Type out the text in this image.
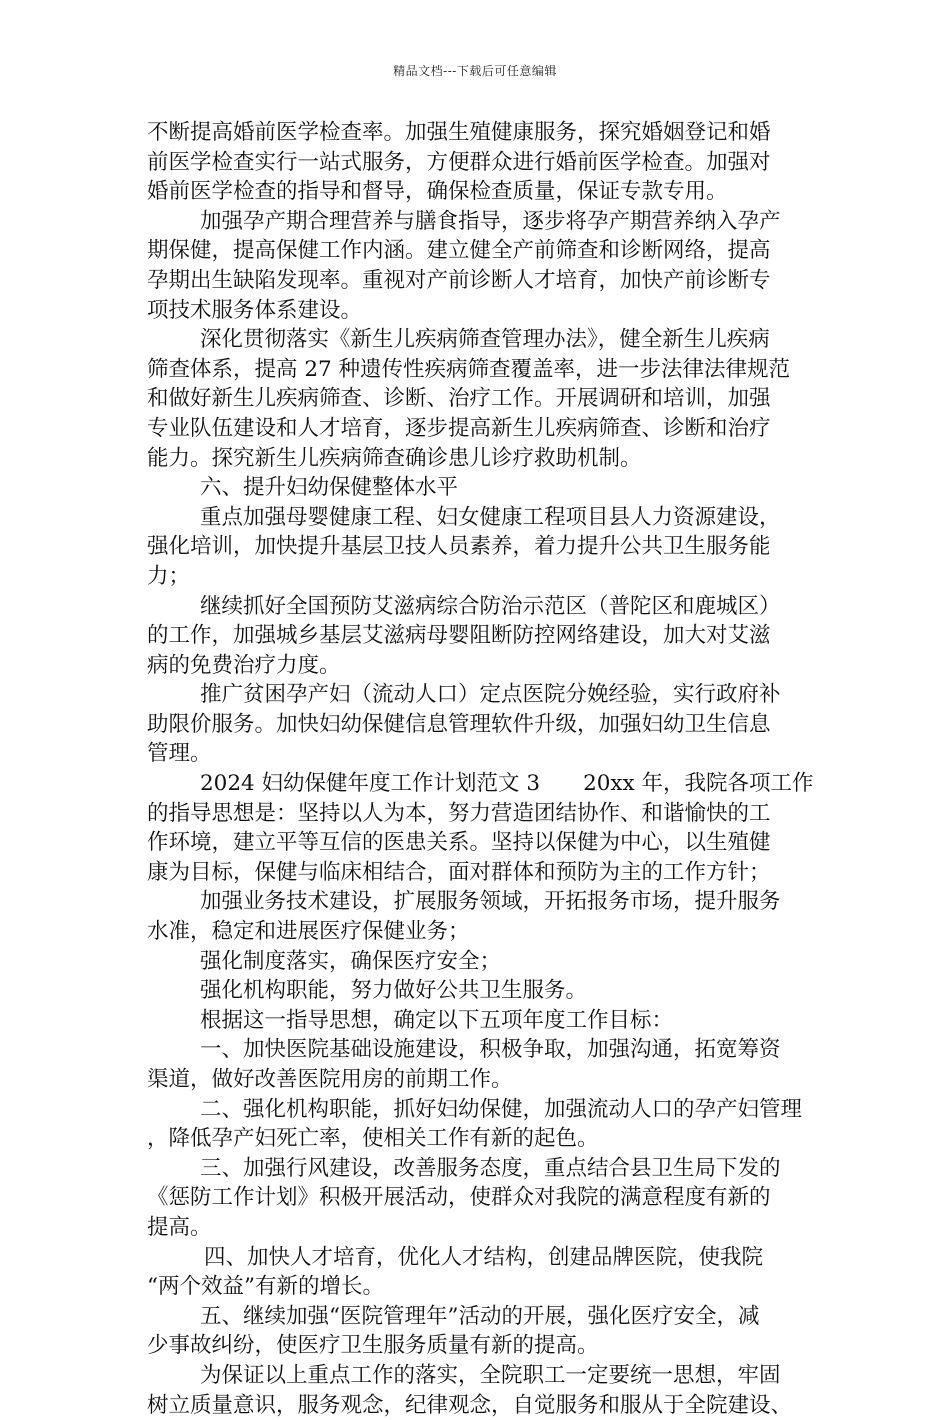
精品文档---下载后可任意编辑
不断提高婚前医学检查率。加强生殖健康服务，探究婚姻登记和婚
前医学检查实行一站式服务，方便群众进行婚前医学检查。加强对
婚前医学检查的指导和督导，确保检查质量，保证专款专用。
加强孕产期合理营养与膳食指导，逐步将孕产期营养纳入孕产
期保健，提高保健工作内涵。建立健全产前筛查和诊断网络，提高
孕期出生缺陷发现率。重视对产前诊断人才培育，加快产前诊断专
项技术服务体系建设。
深化贯彻落实《新生儿疾病筛查管理办法》，健全新生儿疾病
筛查体系，提高 27 种遗传性疾病筛查覆盖率，进一步法律法律规范
和做好新生儿疾病筛查、诊断、治疗工作。开展调研和培训，加强
专业队伍建设和人才培育，逐步提高新生儿疾病筛查、诊断和治疗
能力。探究新生儿疾病筛查确诊患儿诊疗救助机制。
六、提升妇幼保健整体水平
重点加强母婴健康工程、妇女健康工程项目县人力资源建设，
强化培训，加快提升基层卫技人员素养，着力提升公共卫生服务能
力；
继续抓好全国预防艾滋病综合防治示范区（普陀区和鹿城区）
的工作，加强城乡基层艾滋病母婴阻断防控网络建设，加大对艾滋
病的免费治疗力度。
推广贫困孕产妇（流动人口）定点医院分娩经验，实行政府补
助限价服务。加快妇幼保健信息管理软件升级，加强妇幼卫生信息
管理。
2024 妇幼保健年度工作计划范文 3　　20xx 年，我院各项工作
的指导思想是：坚持以人为本，努力营造团结协作、和谐愉快的工
作环境，建立平等互信的医患关系。坚持以保健为中心，以生殖健
康为目标，保健与临床相结合，面对群体和预防为主的工作方针；
加强业务技术建设，扩展服务领域，开拓报务市场，提升服务
水准，稳定和进展医疗保健业务；
强化制度落实，确保医疗安全；
强化机构职能，努力做好公共卫生服务。
根据这一指导思想，确定以下五项年度工作目标：
一、加快医院基础设施建设，积极争取，加强沟通，拓宽筹资
渠道，做好改善医院用房的前期工作。
二、强化机构职能，抓好妇幼保健，加强流动人口的孕产妇管理
，降低孕产妇死亡率，使相关工作有新的起色。
三、加强行风建设，改善服务态度，重点结合县卫生局下发的
《惩防工作计划》积极开展活动，使群众对我院的满意程度有新的
提高。
四、加快人才培育，优化人才结构，创建品牌医院，使我院
“两个效益”有新的增长。
五、继续加强“医院管理年”活动的开展，强化医疗安全，减
少事故纠纷，使医疗卫生服务质量有新的提高。
为保证以上重点工作的落实，全院职工一定要统一思想，牢固
树立质量意识，服务观念，纪律观念，自觉服务和服从于全院建设、
